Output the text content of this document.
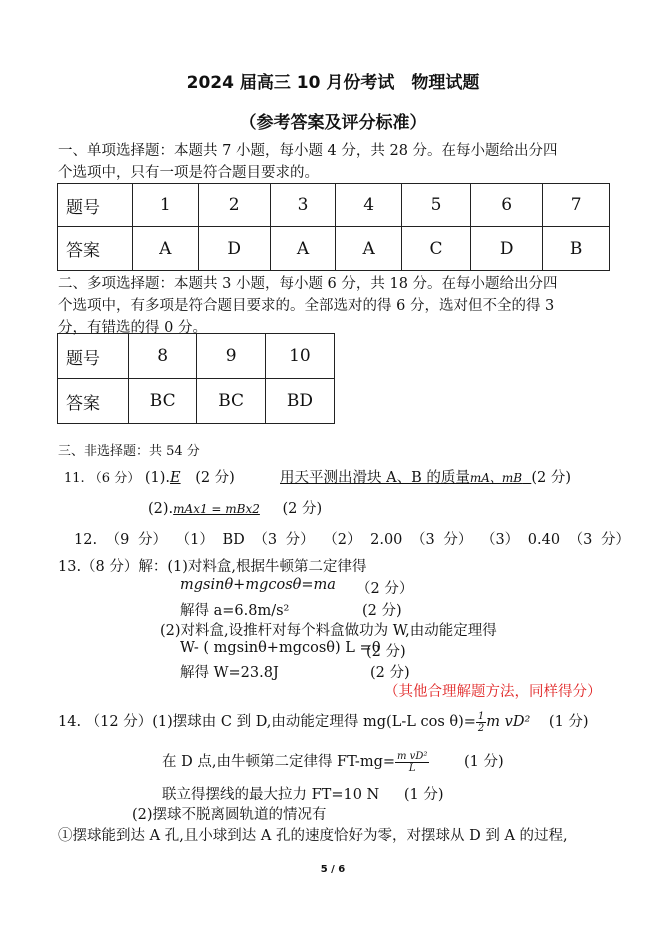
2024 届高三 10 月份考试　物理试题
（参考答案及评分标准）
一、单项选择题：本题共 7 小题，每小题 4 分，共 28 分。在每小题给出分四
个选项中，只有一项是符合题目要求的。
题号	1	2	3	4	5	6	7
答案	A	D	A	A	C	D	B
二、多项选择题：本题共 3 小题，每小题 6 分，共 18 分。在每小题给出分四
个选项中，有多项是符合题目要求的。全部选对的得 6 分，选对但不全的得 3
分，有错选的得 0 分。
题号	8	9	10
答案	BC	BC	BD
三、非选择题：共 54 分
11. （6 分） (1).E (2 分)	用天平测出滑块 A、B 的质量mA、mB (2 分)
(2).mAx1 = mBx2 (2 分)
12. （9 分） （1） BD （3 分） （2） 2.00 （3 分） （3） 0.40 （3 分）
13.（8 分）解：(1)对料盒,根据牛顿第二定律得
mgsinθ+mgcosθ=ma （2 分）
解得 a=6.8m/s²	(2 分)
(2)对料盒,设推杆对每个料盒做功为 W,由动能定理得
W- ( mgsinθ+mgcosθ) L =0
(2 分)
解得 W=23.8J	(2 分)
（其他合理解题方法，同样得分）
14. （12 分）(1)摆球由 C 到 D,由动能定理得 mg(L-L $\cos \theta)= \frac{1}{2}$ m vD² (1 分)
在 D 点,由牛顿第二定律得 $FT-mg= \frac{\text{m vD²}}{L} (1$ 分)
联立得摆线的最大拉力 FT=10 N (1 分)
(2)摆球不脱离圆轨道的情况有
①摆球能到达 A 孔,且小球到达 A 孔的速度恰好为零，对摆球从 D 到 A 的过程,
5 / 6
